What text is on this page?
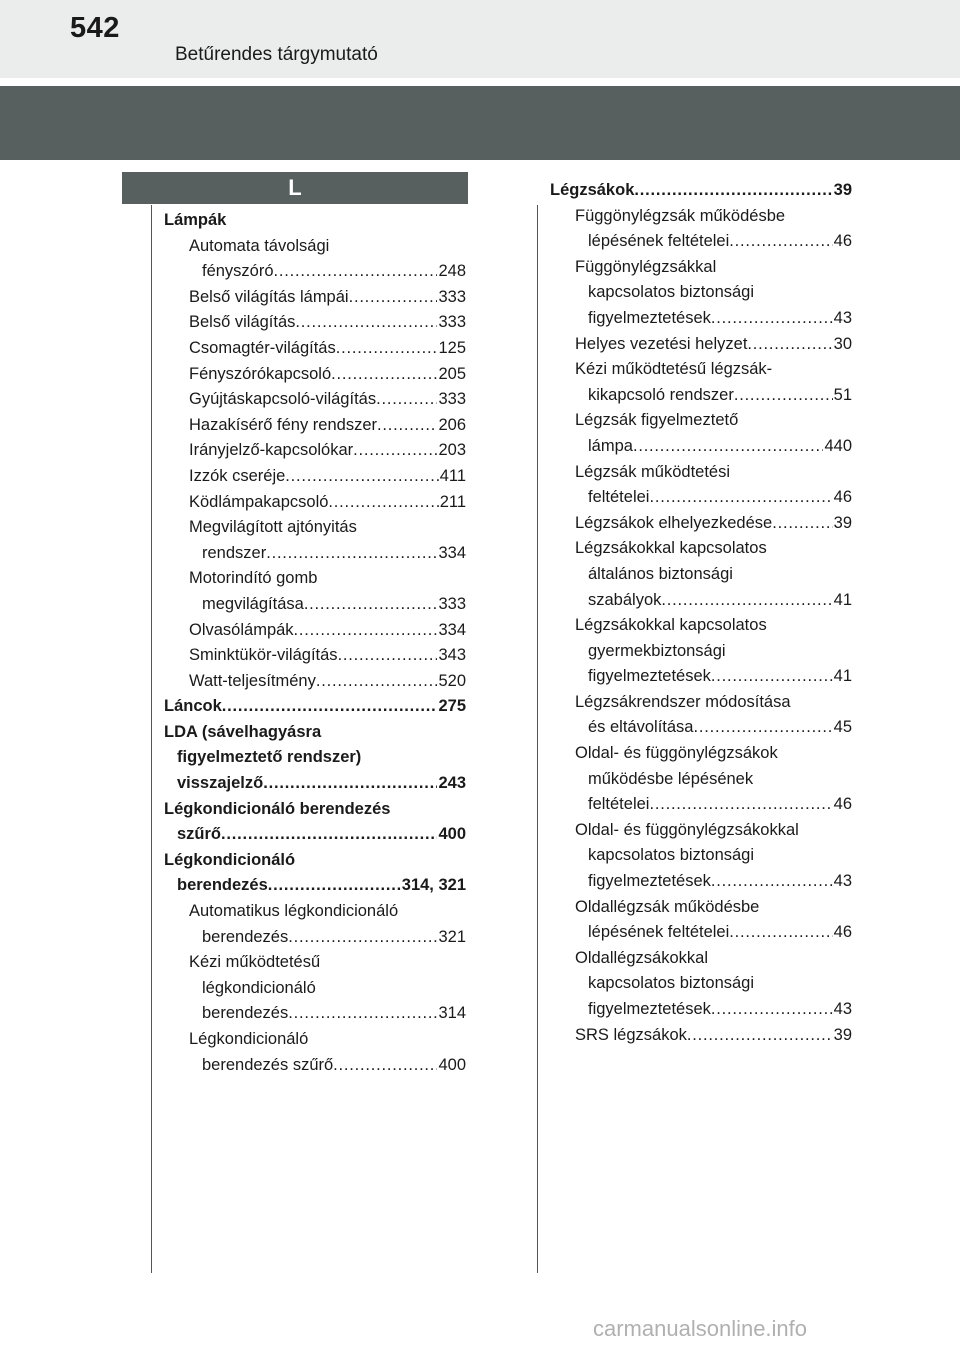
542
Betűrendes tárgymutató
L
Lámpák
Automata távolsági
fényszóró . . .	248
Belső világítás lámpái . . .	333
Belső világítás . . .	333
Csomagtér-világítás . . .	125
Fényszórókapcsoló . . .	205
Gyújtáskapcsoló-világítás . . .	333
Hazakísérő fény rendszer . . .	206
Irányjelző-kapcsolókar . . .	203
Izzók cseréje . . .	411
Ködlámpakapcsoló . . .	211
Megvilágított ajtónyitás
rendszer . . .	334
Motorindító gomb
megvilágítása . . .	333
Olvasólámpák . . .	334
Sminktükör-világítás . . .	343
Watt-teljesítmény . . .	520
Láncok . . .	275
LDA (sávelhagyásra
figyelmeztető rendszer)
visszajelző . . .	243
Légkondicionáló berendezés
szűrő . . .	400
Légkondicionáló
berendezés . . .	314, 321
Automatikus légkondicionáló
berendezés . . .	321
Kézi működtetésű
légkondicionáló
berendezés . . .	314
Légkondicionáló
berendezés szűrő . . .	400
Légzsákok . . .	39
Függönylégzsák működésbe
lépésének feltételei . . .	46
Függönylégzsákkal
kapcsolatos biztonsági
figyelmeztetések . . .	43
Helyes vezetési helyzet . . .	30
Kézi működtetésű légzsák-
kikapcsoló rendszer . . .	51
Légzsák figyelmeztető
lámpa . . .	440
Légzsák működtetési
feltételei . . .	46
Légzsákok elhelyezkedése . . .	39
Légzsákokkal kapcsolatos
általános biztonsági
szabályok . . .	41
Légzsákokkal kapcsolatos
gyermekbiztonsági
figyelmeztetések . . .	41
Légzsákrendszer módosítása
és eltávolítása . . .	45
Oldal- és függönylégzsákok
működésbe lépésének
feltételei . . .	46
Oldal- és függönylégzsákokkal
kapcsolatos biztonsági
figyelmeztetések . . .	43
Oldallégzsák működésbe
lépésének feltételei . . .	46
Oldallégzsákokkal
kapcsolatos biztonsági
figyelmeztetések . . .	43
SRS légzsákok . . .	39
carmanualsonline.info
